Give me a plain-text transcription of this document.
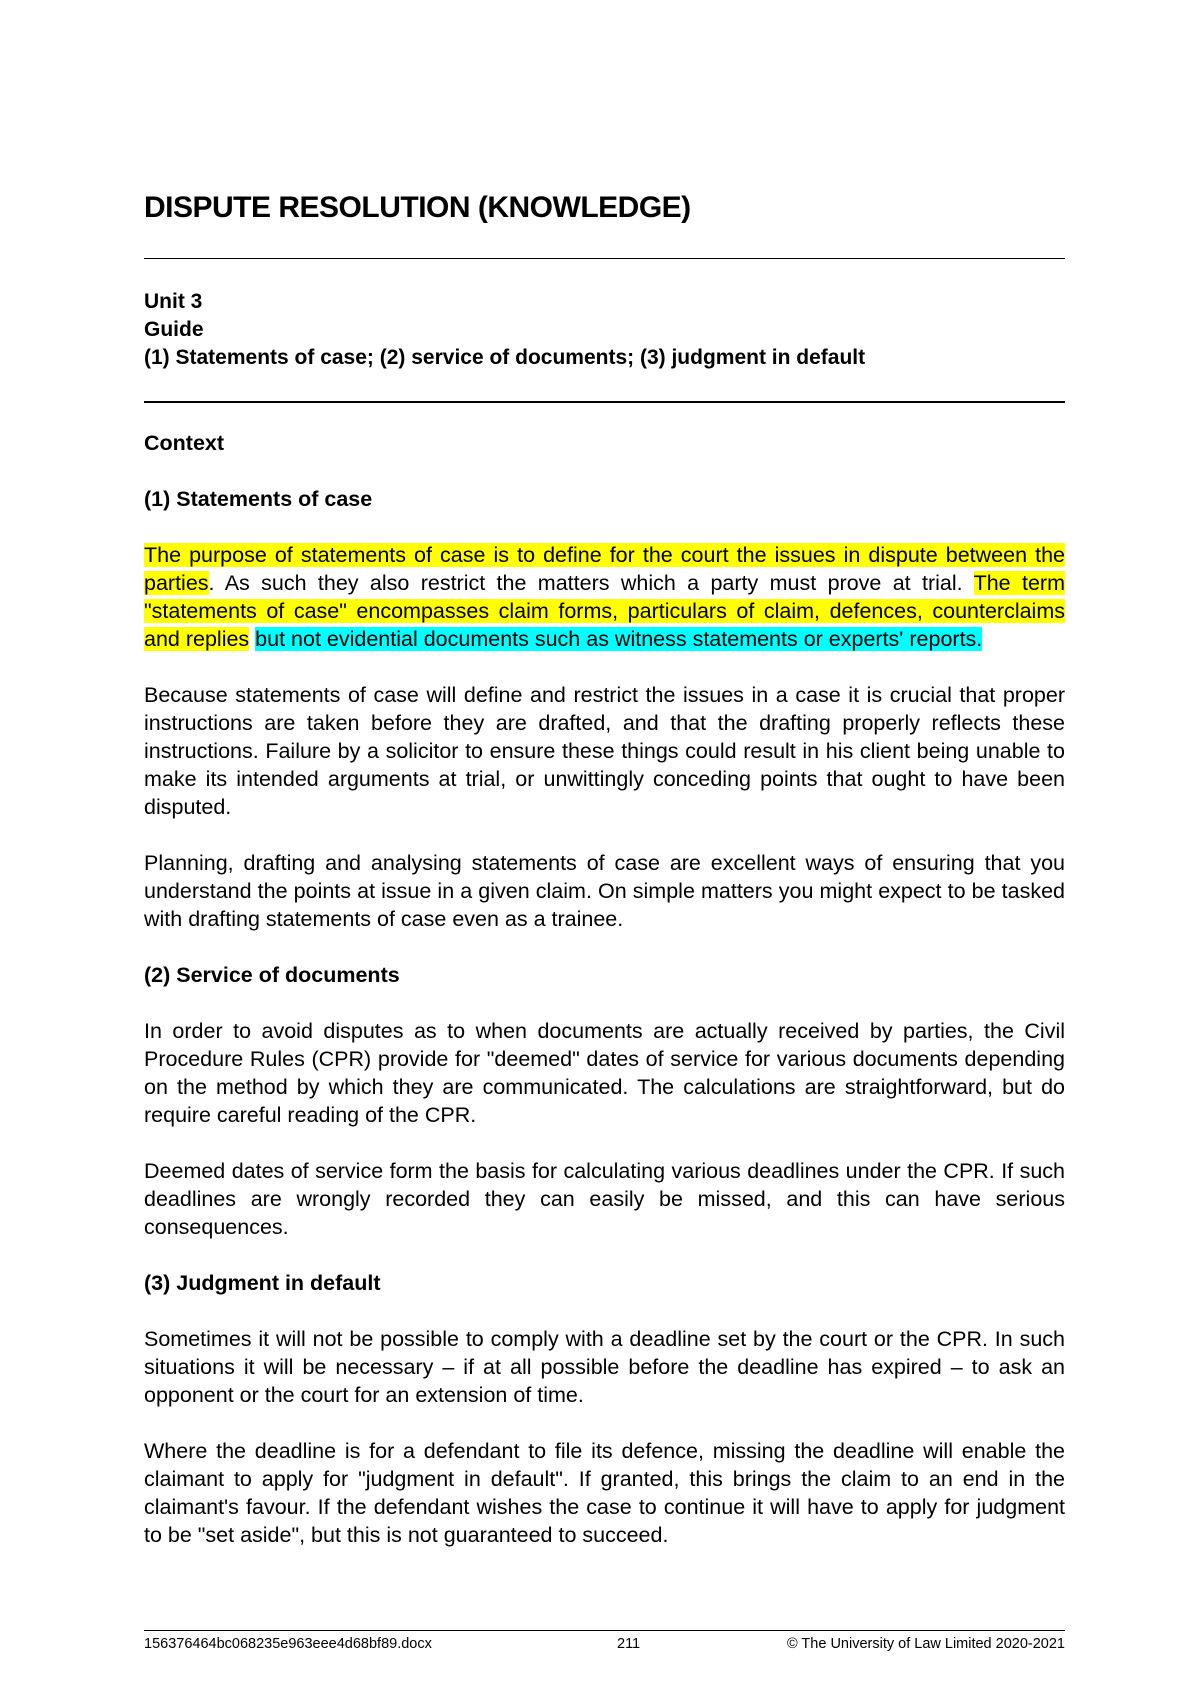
DISPUTE RESOLUTION (KNOWLEDGE)
Unit 3
Guide
(1) Statements of case; (2) service of documents; (3) judgment in default

Context

(1) Statements of case

The purpose of statements of case is to define for the court the issues in dispute between the parties. As such they also restrict the matters which a party must prove at trial. The term "statements of case" encompasses claim forms, particulars of claim, defences, counterclaims and replies but not evidential documents such as witness statements or experts' reports.

Because statements of case will define and restrict the issues in a case it is crucial that proper instructions are taken before they are drafted, and that the drafting properly reflects these instructions. Failure by a solicitor to ensure these things could result in his client being unable to make its intended arguments at trial, or unwittingly conceding points that ought to have been disputed.

Planning, drafting and analysing statements of case are excellent ways of ensuring that you understand the points at issue in a given claim. On simple matters you might expect to be tasked with drafting statements of case even as a trainee.

(2) Service of documents

In order to avoid disputes as to when documents are actually received by parties, the Civil Procedure Rules (CPR) provide for "deemed" dates of service for various documents depending on the method by which they are communicated. The calculations are straightforward, but do require careful reading of the CPR.

Deemed dates of service form the basis for calculating various deadlines under the CPR. If such deadlines are wrongly recorded they can easily be missed, and this can have serious consequences.

(3) Judgment in default

Sometimes it will not be possible to comply with a deadline set by the court or the CPR. In such situations it will be necessary – if at all possible before the deadline has expired – to ask an opponent or the court for an extension of time.

Where the deadline is for a defendant to file its defence, missing the deadline will enable the claimant to apply for "judgment in default". If granted, this brings the claim to an end in the claimant's favour. If the defendant wishes the case to continue it will have to apply for judgment to be "set aside", but this is not guaranteed to succeed.

156376464bc068235e963eee4d68bf89.docx	211	© The University of Law Limited 2020-2021
